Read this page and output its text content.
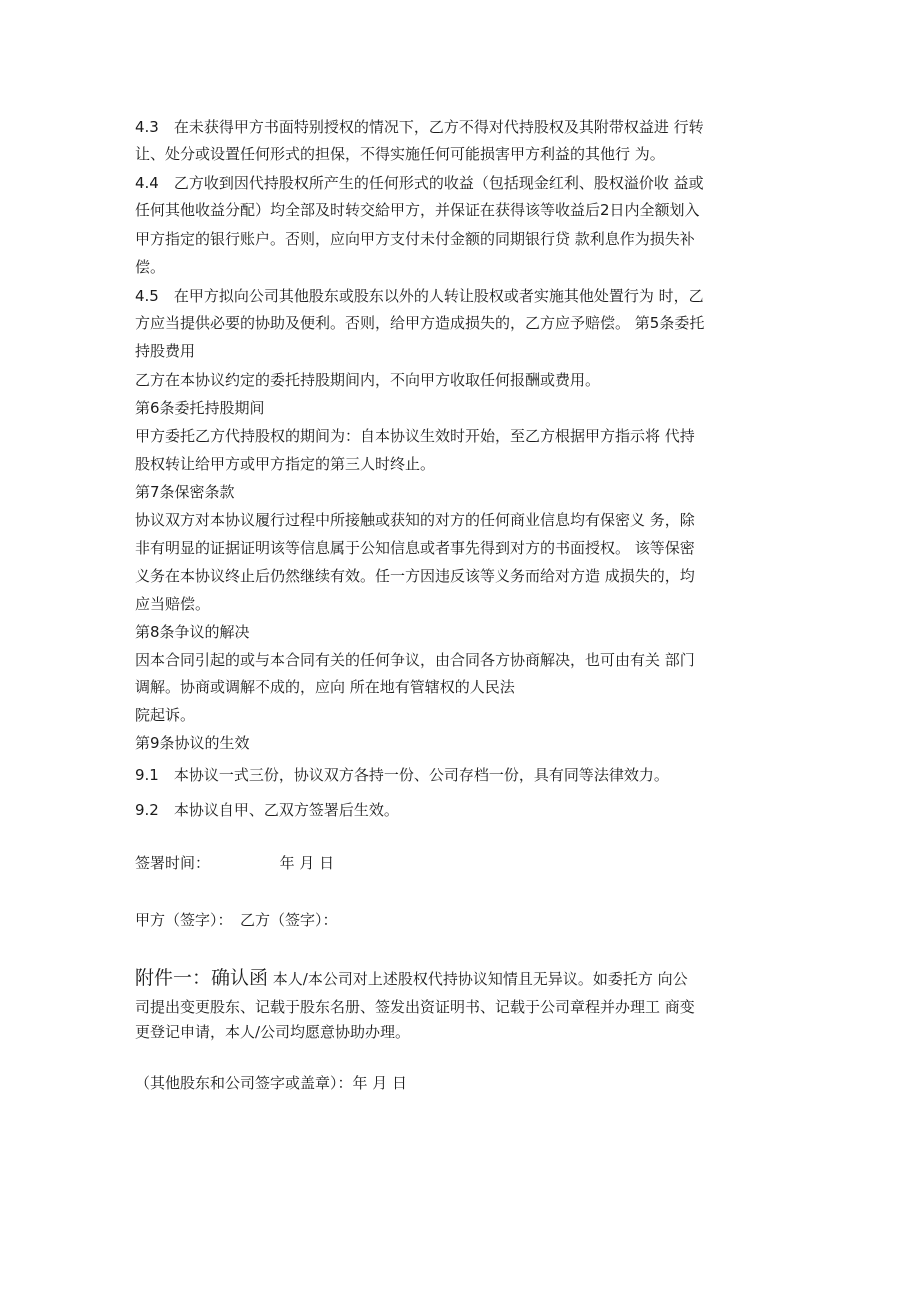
4.3　在未获得甲方书面特别授权的情况下，乙方不得对代持股权及其附带权益进 行转
让、处分或设置任何形式的担保，不得实施任何可能损害甲方利益的其他行 为。
4.4　乙方收到因代持股权所产生的任何形式的收益（包括现金红利、股权溢价收 益或
任何其他收益分配）均全部及时转交給甲方，并保证在获得该等收益后2日内全额划入
甲方指定的银行账户。否则，应向甲方支付未付金额的同期银行贷 款利息作为损失补
偿。
4.5　在甲方拟向公司其他股东或股东以外的人转让股权或者实施其他处置行为 时，乙
方应当提供必要的协助及便利。否则，给甲方造成损失的，乙方应予赔偿。 第5条委托
持股费用
乙方在本协议约定的委托持股期间内，不向甲方收取任何报酬或费用。
第6条委托持股期间
甲方委托乙方代持股权的期间为：自本协议生效时开始，至乙方根据甲方指示将 代持
股权转让给甲方或甲方指定的第三人时终止。
第7条保密条款
协议双方对本协议履行过程中所接触或获知的对方的任何商业信息均有保密义 务，除
非有明显的证据证明该等信息属于公知信息或者事先得到对方的书面授权。 该等保密
义务在本协议终止后仍然继续有效。任一方因违反该等义务而给对方造 成损失的，均
应当赔偿。
第8条争议的解决
因本合同引起的或与本合同有关的任何争议，由合同各方协商解决，也可由有关 部门
调解。协商或调解不成的，应向 所在地有管辖权的人民法
院起诉。
第9条协议的生效
9.1　本协议一式三份，协议双方各持一份、公司存档一份，具有同等法律效力。
9.2　本协议自甲、乙双方签署后生效。
签署时间：	年 月 日
甲方（签字）：　乙方（签字）：
附件一：确认函 本人/本公司对上述股权代持协议知情且无异议。如委托方 向公
司提出变更股东、记载于股东名册、签发出资证明书、记载于公司章程并办理工 商变
更登记申请，本人/公司均愿意协助办理。
（其他股东和公司签字或盖章）：年 月 日
